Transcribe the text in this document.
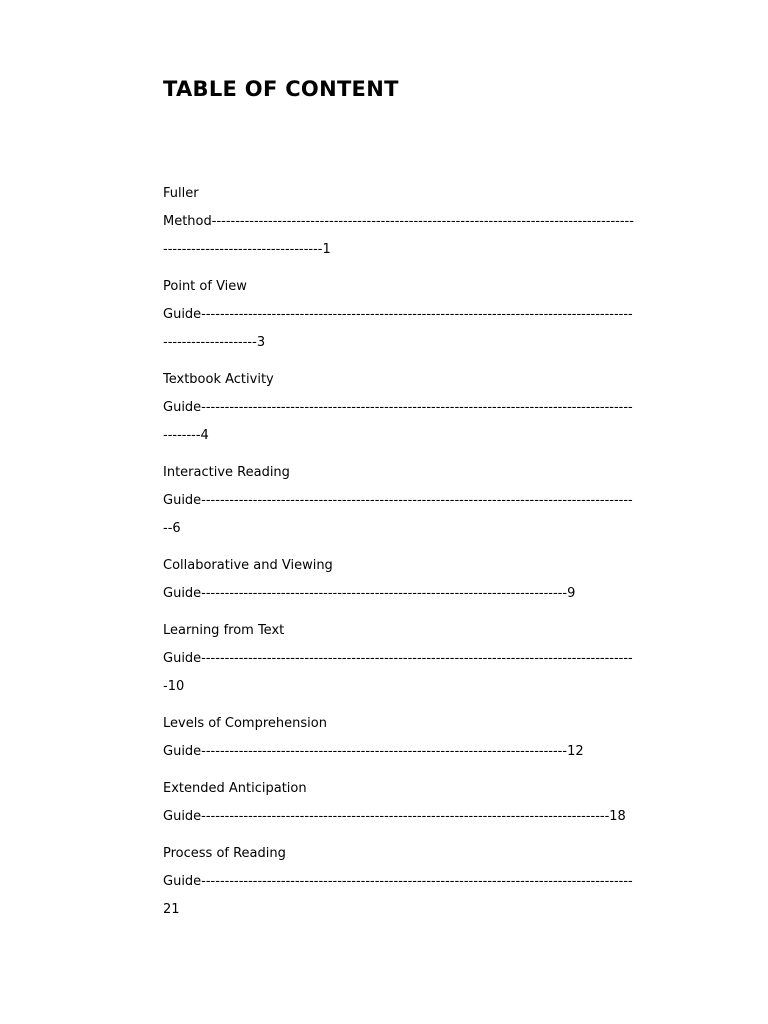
TABLE OF CONTENT
Fuller
Method------------------------------------------------------------------------------------------
----------------------------------1
Point of View
Guide--------------------------------------------------------------------------------------------
--------------------3
Textbook Activity
Guide--------------------------------------------------------------------------------------------
--------4
Interactive Reading
Guide--------------------------------------------------------------------------------------------
--6
Collaborative and Viewing
Guide------------------------------------------------------------------------------9
Learning from Text
Guide--------------------------------------------------------------------------------------------
-10
Levels of Comprehension
Guide------------------------------------------------------------------------------12
Extended Anticipation
Guide---------------------------------------------------------------------------------------18
Process of Reading
Guide--------------------------------------------------------------------------------------------
21
